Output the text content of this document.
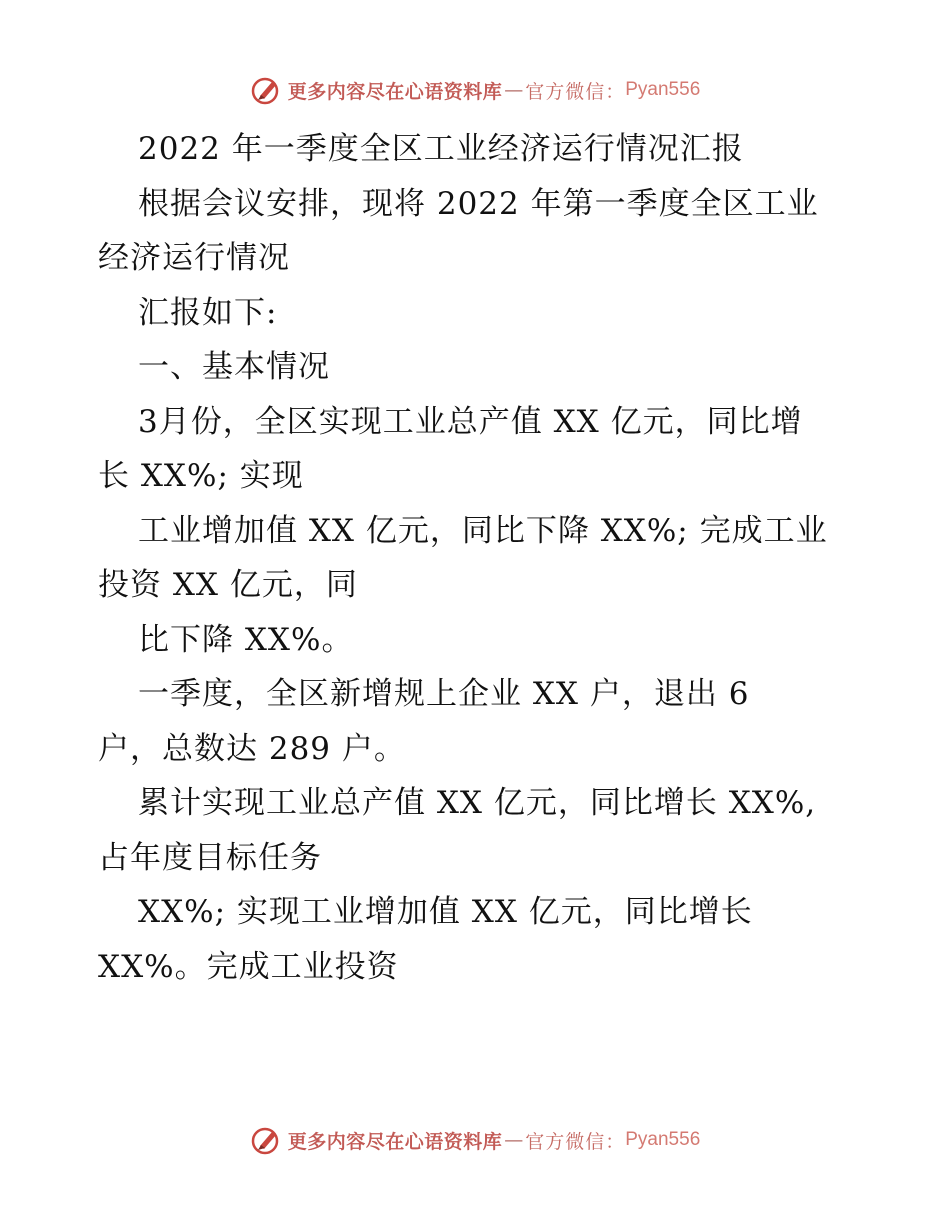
更多内容尽在心语资料库 — 官方微信： Pyan556
2022 年一季度全区工业经济运行情况汇报
根据会议安排，现将 2022 年第一季度全区工业
经济运行情况
汇报如下:
一、基本情况
3月份，全区实现工业总产值 XX 亿元，同比增
长 XX%; 实现
工业增加值 XX 亿元，同比下降 XX%; 完成工业
投资 XX 亿元，同
比下降 XX%。
一季度，全区新增规上企业 XX 户，退出 6
户，总数达 289 户。
累计实现工业总产值 XX 亿元，同比增长 XX%,
占年度目标任务
XX%; 实现工业增加值 XX 亿元，同比增长
XX%。完成工业投资
更多内容尽在心语资料库 — 官方微信： Pyan556
